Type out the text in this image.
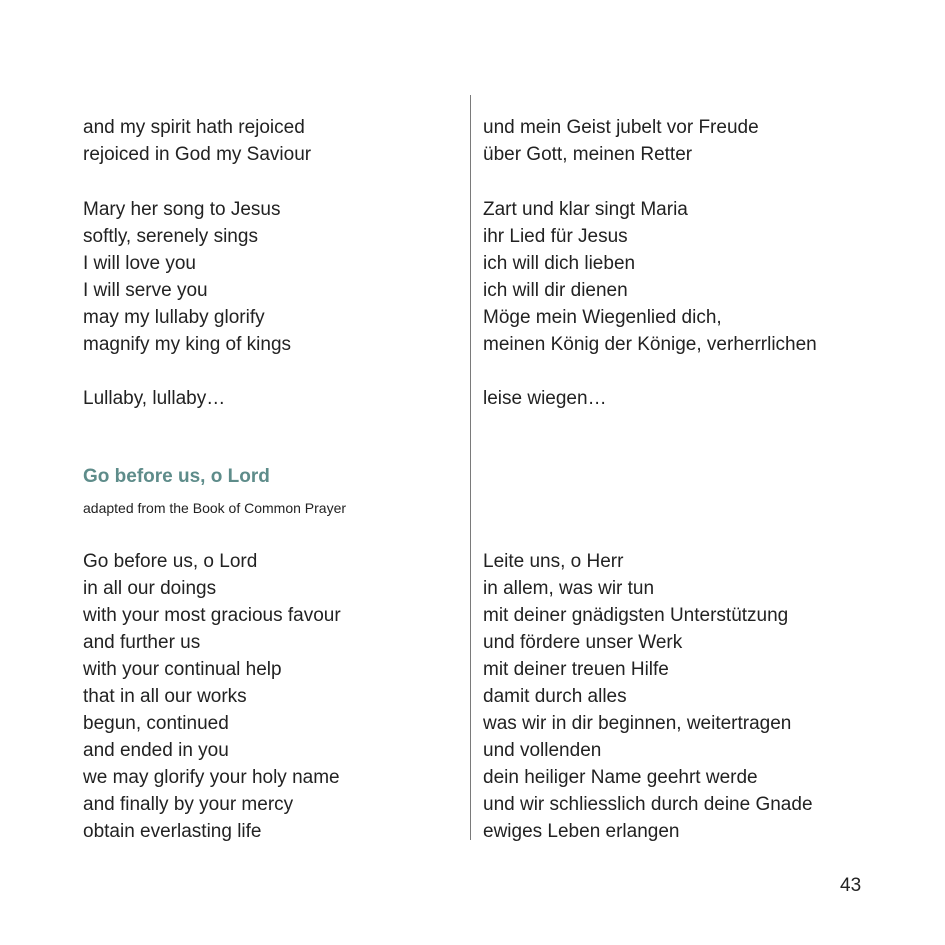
and my spirit hath rejoiced
rejoiced in God my Saviour
Mary her song to Jesus
softly, serenely sings
I will love you
I will serve you
may my lullaby glorify
magnify my king of kings
Lullaby, lullaby…
Go before us, o Lord
in all our doings
with your most gracious favour
and further us
with your continual help
that in all our works
begun, continued
and ended in you
we may glorify your holy name
and finally by your mercy
obtain everlasting life
Go before us, o Lord
adapted from the Book of Common Prayer
und mein Geist jubelt vor Freude
über Gott, meinen Retter
Zart und klar singt Maria
ihr Lied für Jesus
ich will dich lieben
ich will dir dienen
Möge mein Wiegenlied dich,
meinen König der Könige, verherrlichen
leise wiegen…
Leite uns, o Herr
in allem, was wir tun
mit deiner gnädigsten Unterstützung
und fördere unser Werk
mit deiner treuen Hilfe
damit durch alles
was wir in dir beginnen, weitertragen
und vollenden
dein heiliger Name geehrt werde
und wir schliesslich durch deine Gnade
ewiges Leben erlangen
43
